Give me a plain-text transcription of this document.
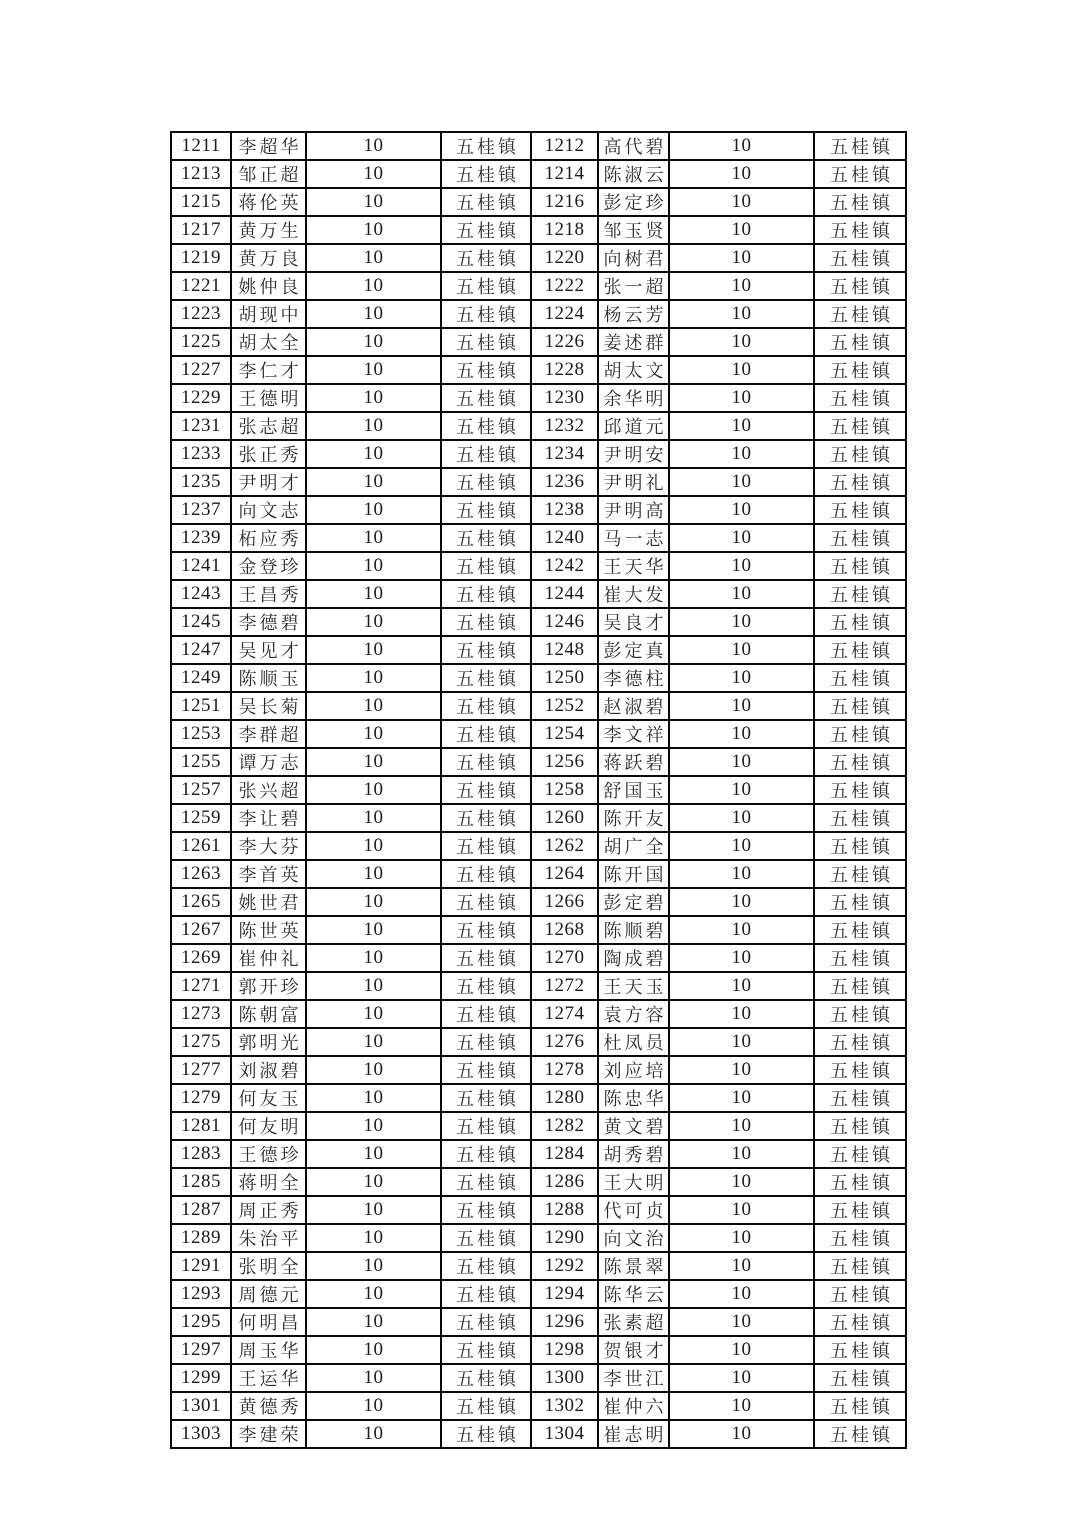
1211	李超华	10	五桂镇	1212	高代碧	10	五桂镇
1213	邹正超	10	五桂镇	1214	陈淑云	10	五桂镇
1215	蒋伦英	10	五桂镇	1216	彭定珍	10	五桂镇
1217	黄万生	10	五桂镇	1218	邹玉贤	10	五桂镇
1219	黄万良	10	五桂镇	1220	向树君	10	五桂镇
1221	姚仲良	10	五桂镇	1222	张一超	10	五桂镇
1223	胡现中	10	五桂镇	1224	杨云芳	10	五桂镇
1225	胡太全	10	五桂镇	1226	姜述群	10	五桂镇
1227	李仁才	10	五桂镇	1228	胡太文	10	五桂镇
1229	王德明	10	五桂镇	1230	余华明	10	五桂镇
1231	张志超	10	五桂镇	1232	邱道元	10	五桂镇
1233	张正秀	10	五桂镇	1234	尹明安	10	五桂镇
1235	尹明才	10	五桂镇	1236	尹明礼	10	五桂镇
1237	向文志	10	五桂镇	1238	尹明高	10	五桂镇
1239	柘应秀	10	五桂镇	1240	马一志	10	五桂镇
1241	金登珍	10	五桂镇	1242	王天华	10	五桂镇
1243	王昌秀	10	五桂镇	1244	崔大发	10	五桂镇
1245	李德碧	10	五桂镇	1246	吴良才	10	五桂镇
1247	吴见才	10	五桂镇	1248	彭定真	10	五桂镇
1249	陈顺玉	10	五桂镇	1250	李德柱	10	五桂镇
1251	吴长菊	10	五桂镇	1252	赵淑碧	10	五桂镇
1253	李群超	10	五桂镇	1254	李文祥	10	五桂镇
1255	谭万志	10	五桂镇	1256	蒋跃碧	10	五桂镇
1257	张兴超	10	五桂镇	1258	舒国玉	10	五桂镇
1259	李让碧	10	五桂镇	1260	陈开友	10	五桂镇
1261	李大芬	10	五桂镇	1262	胡广全	10	五桂镇
1263	李首英	10	五桂镇	1264	陈开国	10	五桂镇
1265	姚世君	10	五桂镇	1266	彭定碧	10	五桂镇
1267	陈世英	10	五桂镇	1268	陈顺碧	10	五桂镇
1269	崔仲礼	10	五桂镇	1270	陶成碧	10	五桂镇
1271	郭开珍	10	五桂镇	1272	王天玉	10	五桂镇
1273	陈朝富	10	五桂镇	1274	袁方容	10	五桂镇
1275	郭明光	10	五桂镇	1276	杜凤员	10	五桂镇
1277	刘淑碧	10	五桂镇	1278	刘应培	10	五桂镇
1279	何友玉	10	五桂镇	1280	陈忠华	10	五桂镇
1281	何友明	10	五桂镇	1282	黄文碧	10	五桂镇
1283	王德珍	10	五桂镇	1284	胡秀碧	10	五桂镇
1285	蒋明全	10	五桂镇	1286	王大明	10	五桂镇
1287	周正秀	10	五桂镇	1288	代可贞	10	五桂镇
1289	朱治平	10	五桂镇	1290	向文治	10	五桂镇
1291	张明全	10	五桂镇	1292	陈景翠	10	五桂镇
1293	周德元	10	五桂镇	1294	陈华云	10	五桂镇
1295	何明昌	10	五桂镇	1296	张素超	10	五桂镇
1297	周玉华	10	五桂镇	1298	贺银才	10	五桂镇
1299	王运华	10	五桂镇	1300	李世江	10	五桂镇
1301	黄德秀	10	五桂镇	1302	崔仲六	10	五桂镇
1303	李建荣	10	五桂镇	1304	崔志明	10	五桂镇
